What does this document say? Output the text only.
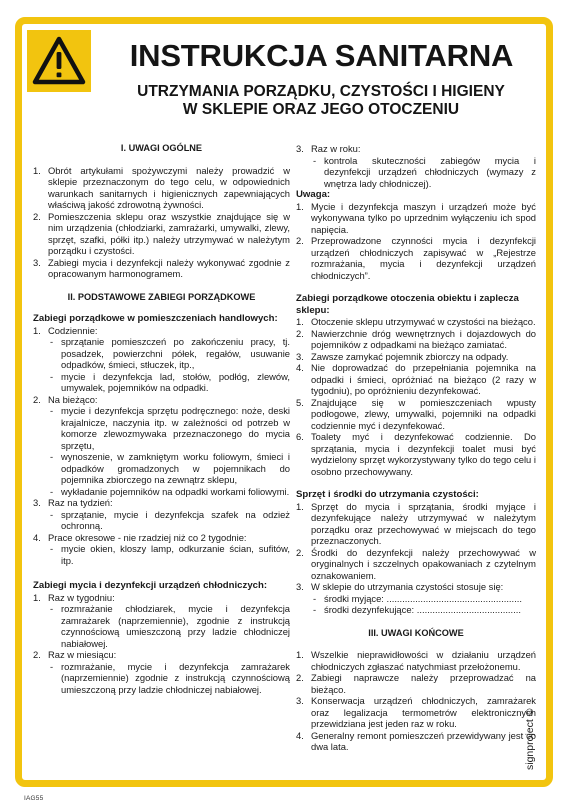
INSTRUKCJA SANITARNA
UTRZYMANIA PORZĄDKU, CZYSTOŚCI I HIGIENY
W SKLEPIE ORAZ JEGO OTOCZENIU
I. UWAGI OGÓLNE
1. Obrót artykułami spożywczymi należy prowadzić w sklepie przeznaczonym do tego celu, w odpowiednich warunkach sanitarnych i higienicznych zapewniających właściwą jakość zdrowotną żywności.
2. Pomieszczenia sklepu oraz wszystkie znajdujące się w nim urządzenia (chłodziarki, zamrażarki, umywalki, zlewy, sprzęt, szafki, półki itp.) należy utrzymywać w należytym porządku i czystości.
3. Zabiegi mycia i dezynfekcji należy wykonywać zgodnie z opracowanym harmonogramem.
II. PODSTAWOWE ZABIEGI PORZĄDKOWE
Zabiegi porządkowe w pomieszczeniach handlowych:
1. Codziennie:
- sprzątanie pomieszczeń po zakończeniu pracy, tj. posadzek, powierzchni półek, regałów, usuwanie odpadków, śmieci, stłuczek, itp.,
- mycie i dezynfekcja lad, stołów, podłóg, zlewów, umywalek, pojemników na odpadki.
2. Na bieżąco:
- mycie i dezynfekcja sprzętu podręcznego: noże, deski krajalnicze, naczynia itp. w zależności od potrzeb w komorze zlewozmywaka przeznaczonego do mycia sprzętu,
- wynoszenie, w zamkniętym worku foliowym, śmieci i odpadków gromadzonych w pojemnikach do pojemnika zbiorczego na zewnątrz sklepu,
- wykładanie pojemników na odpadki workami foliowymi.
3. Raz na tydzień:
- sprzątanie, mycie i dezynfekcja szafek na odzież ochronną.
4. Prace okresowe - nie rzadziej niż co 2 tygodnie:
- mycie okien, kloszy lamp, odkurzanie ścian, sufitów, itp.
Zabiegi mycia i dezynfekcji urządzeń chłodniczych:
1. Raz w tygodniu:
- rozmrażanie chłodziarek, mycie i dezynfekcja zamrażarek (naprzemiennie), zgodnie z instrukcją czynnościową umieszczoną przy ladzie chłodniczej nabiałowej.
2. Raz w miesiącu:
- rozmrażanie, mycie i dezynfekcja zamrażarek (naprzemiennie) zgodnie z instrukcją czynnościową umieszczoną przy ladzie chłodniczej nabiałowej.
3. Raz w roku:
- kontrola skuteczności zabiegów mycia i dezynfekcji urządzeń chłodniczych (wymazy z wnętrza lady chłodniczej).
Uwaga:
1. Mycie i dezynfekcja maszyn i urządzeń może być wykonywana tylko po uprzednim wyłączeniu ich spod napięcia.
2. Przeprowadzone czynności mycia i dezynfekcji urządzeń chłodniczych zapisywać w „Rejestrze rozmrażania, mycia i dezynfekcji urządzeń chłodniczych”.
Zabiegi porządkowe otoczenia obiektu i zaplecza sklepu:
1. Otoczenie sklepu utrzymywać w czystości na bieżąco.
2. Nawierzchnie dróg wewnętrznych i dojazdowych do pojemników z odpadkami na bieżąco zamiatać.
3. Zawsze zamykać pojemnik zbiorczy na odpady.
4. Nie doprowadzać do przepełniania pojemnika na odpadki i śmieci, opróżniać na bieżąco (2 razy w tygodniu), po opróżnieniu dezynfekować.
5. Znajdujące się w pomieszczeniach wpusty podłogowe, zlewy, umywalki, pojemniki na odpadki codziennie myć i dezynfekować.
6. Toalety myć i dezynfekować codziennie. Do sprzątania, mycia i dezynfekcji toalet musi być wydzielony sprzęt wykorzystywany tylko do tego celu i osobno przechowywany.
Sprzęt i środki do utrzymania czystości:
1. Sprzęt do mycia i sprzątania, środki myjące i dezynfekujące należy utrzymywać w należytym porządku oraz przechowywać w miejscach do tego przeznaczonych.
2. Środki do dezynfekcji należy przechowywać w oryginalnych i szczelnych opakowaniach z czytelnym oznakowaniem.
3. W sklepie do utrzymania czystości stosuje się:
- środki myjące: ....................................................
- środki dezynfekujące: ........................................
III. UWAGI KOŃCOWE
1. Wszelkie nieprawidłowości w działaniu urządzeń chłodniczych zgłaszać natychmiast przełożonemu.
2. Zabiegi naprawcze należy przeprowadzać na bieżąco.
3. Konserwacja urządzeń chłodniczych, zamrażarek oraz legalizacja termometrów elektronicznych przewidziana jest jeden raz w roku.
4. Generalny remont pomieszczeń przewidywany jest co dwa lata.
IAG55
signproject ©
